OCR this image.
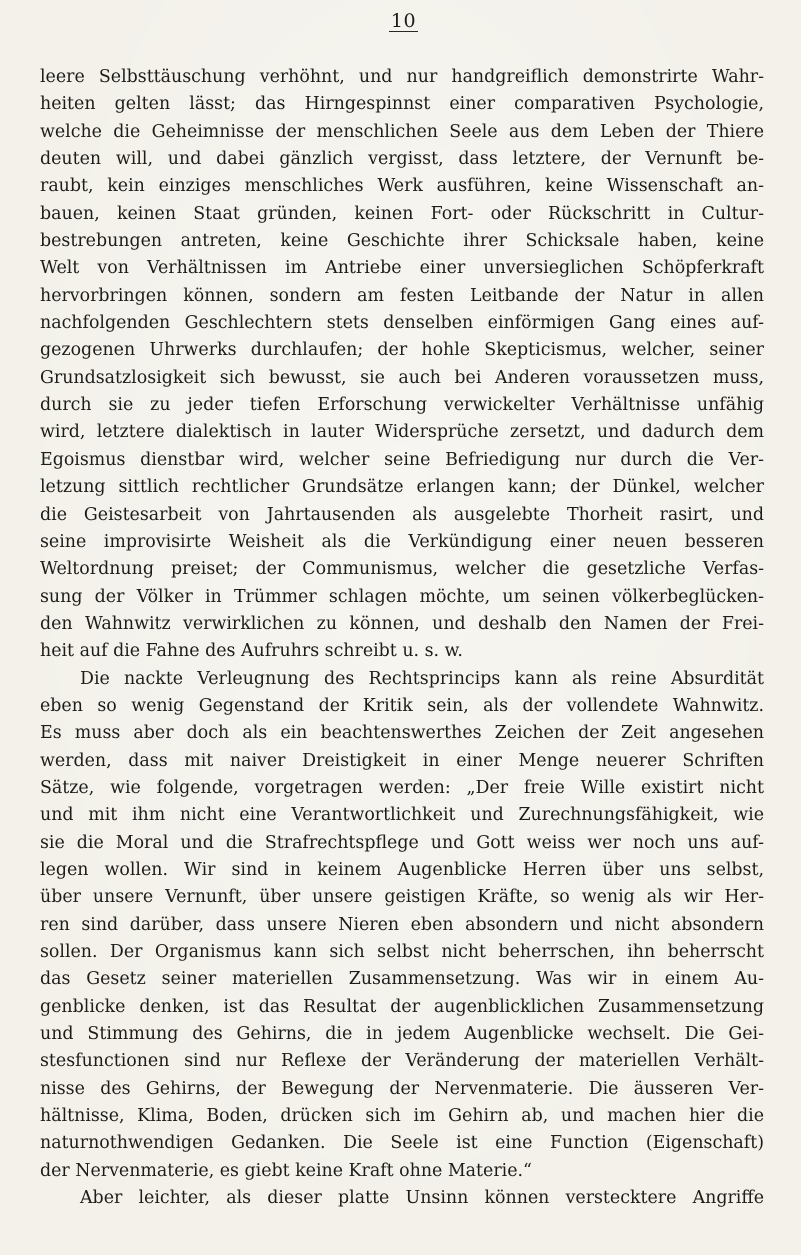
10
leere Selbsttäuschung verhöhnt, und nur handgreiflich demonstrirte Wahr-
heiten gelten lässt; das Hirngespinnst einer comparativen Psychologie,
welche die Geheimnisse der menschlichen Seele aus dem Leben der Thiere
deuten will, und dabei gänzlich vergisst, dass letztere, der Vernunft be-
raubt, kein einziges menschliches Werk ausführen, keine Wissenschaft an-
bauen, keinen Staat gründen, keinen Fort- oder Rückschritt in Cultur-
bestrebungen antreten, keine Geschichte ihrer Schicksale haben, keine
Welt von Verhältnissen im Antriebe einer unversieglichen Schöpferkraft
hervorbringen können, sondern am festen Leitbande der Natur in allen
nachfolgenden Geschlechtern stets denselben einförmigen Gang eines auf-
gezogenen Uhrwerks durchlaufen; der hohle Skepticismus, welcher, seiner
Grundsatzlosigkeit sich bewusst, sie auch bei Anderen voraussetzen muss,
durch sie zu jeder tiefen Erforschung verwickelter Verhältnisse unfähig
wird, letztere dialektisch in lauter Widersprüche zersetzt, und dadurch dem
Egoismus dienstbar wird, welcher seine Befriedigung nur durch die Ver-
letzung sittlich rechtlicher Grundsätze erlangen kann; der Dünkel, welcher
die Geistesarbeit von Jahrtausenden als ausgelebte Thorheit rasirt, und
seine improvisirte Weisheit als die Verkündigung einer neuen besseren
Weltordnung preiset; der Communismus, welcher die gesetzliche Verfas-
sung der Völker in Trümmer schlagen möchte, um seinen völkerbeglücken-
den Wahnwitz verwirklichen zu können, und deshalb den Namen der Frei-
heit auf die Fahne des Aufruhrs schreibt u. s. w.
Die nackte Verleugnung des Rechtsprincips kann als reine Absurdität
eben so wenig Gegenstand der Kritik sein, als der vollendete Wahnwitz.
Es muss aber doch als ein beachtenswerthes Zeichen der Zeit angesehen
werden, dass mit naiver Dreistigkeit in einer Menge neuerer Schriften
Sätze, wie folgende, vorgetragen werden: „Der freie Wille existirt nicht
und mit ihm nicht eine Verantwortlichkeit und Zurechnungsfähigkeit, wie
sie die Moral und die Strafrechtspflege und Gott weiss wer noch uns auf-
legen wollen. Wir sind in keinem Augenblicke Herren über uns selbst,
über unsere Vernunft, über unsere geistigen Kräfte, so wenig als wir Her-
ren sind darüber, dass unsere Nieren eben absondern und nicht absondern
sollen. Der Organismus kann sich selbst nicht beherrschen, ihn beherrscht
das Gesetz seiner materiellen Zusammensetzung. Was wir in einem Au-
genblicke denken, ist das Resultat der augenblicklichen Zusammensetzung
und Stimmung des Gehirns, die in jedem Augenblicke wechselt. Die Gei-
stesfunctionen sind nur Reflexe der Veränderung der materiellen Verhält-
nisse des Gehirns, der Bewegung der Nervenmaterie. Die äusseren Ver-
hältnisse, Klima, Boden, drücken sich im Gehirn ab, und machen hier die
naturnothwendigen Gedanken. Die Seele ist eine Function (Eigenschaft)
der Nervenmaterie, es giebt keine Kraft ohne Materie.“
Aber leichter, als dieser platte Unsinn können verstecktere Angriffe
